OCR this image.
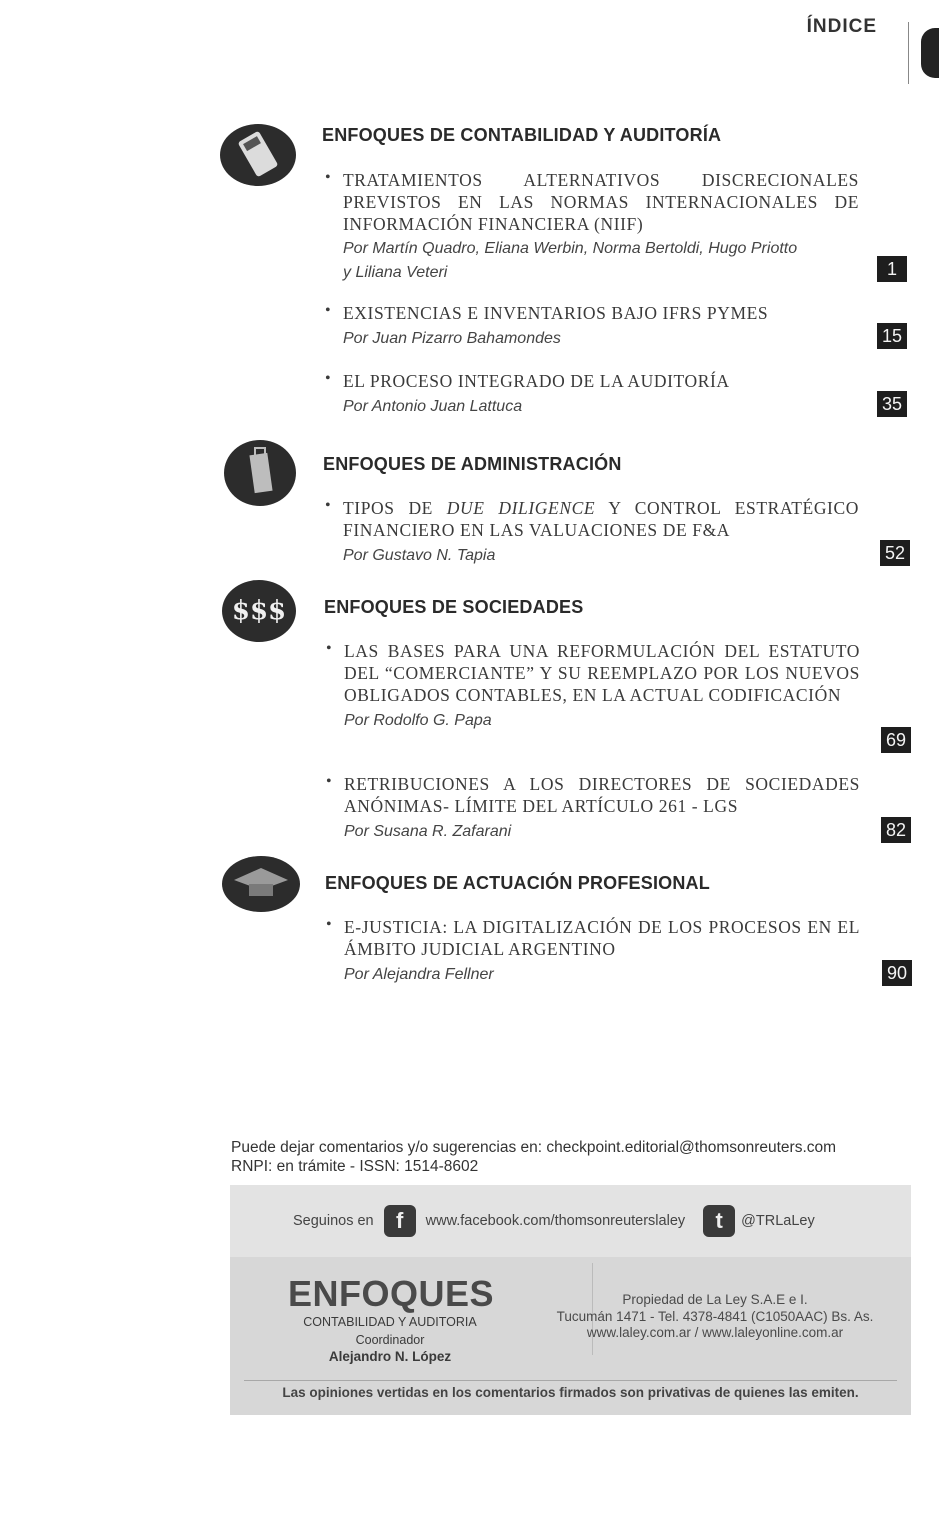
ÍNDICE
ENFOQUES DE CONTABILIDAD Y AUDITORÍA
• TRATAMIENTOS ALTERNATIVOS DISCRECIONALES PREVISTOS EN LAS NORMAS INTERNACIONALES DE INFORMACIÓN FINANCIERA (NIIF)
Por Martín Quadro, Eliana Werbin, Norma Bertoldi, Hugo Priotto
y Liliana Veteri	1
• EXISTENCIAS E INVENTARIOS BAJO IFRS PYMES
Por Juan Pizarro Bahamondes	15
• EL PROCESO INTEGRADO DE LA AUDITORÍA
Por Antonio Juan Lattuca	35
ENFOQUES DE ADMINISTRACIÓN
• TIPOS DE DUE DILIGENCE Y CONTROL ESTRATÉGICO FINANCIERO EN LAS VALUACIONES DE F&A
Por Gustavo N. Tapia	52
$$$	ENFOQUES DE SOCIEDADES
• LAS BASES PARA UNA REFORMULACIÓN DEL ESTATUTO DEL “COMERCIANTE” Y SU REEMPLAZO POR LOS NUEVOS OBLIGADOS CONTABLES, EN LA ACTUAL CODIFICACIÓN
Por Rodolfo G. Papa
69
• RETRIBUCIONES A LOS DIRECTORES DE SOCIEDADES ANÓNIMAS- LÍMITE DEL ARTÍCULO 261 - LGS
Por Susana R. Zafarani	82
ENFOQUES DE ACTUACIÓN PROFESIONAL
• E-JUSTICIA: LA DIGITALIZACIÓN DE LOS PROCESOS EN EL ÁMBITO JUDICIAL ARGENTINO
Por Alejandra Fellner	90
Puede dejar comentarios y/o sugerencias en: checkpoint.editorial@thomsonreuters.com
RNPI: en trámite - ISSN: 1514-8602
Seguinos en	f	www.facebook.com/thomsonreuterslaley	t	@TRLaLey
ENFOQUES
CONTABILIDAD Y AUDITORIA
Coordinador
Alejandro N. López
Propiedad de La Ley S.A.E e I.
Tucumán 1471 - Tel. 4378-4841 (C1050AAC) Bs. As.
www.laley.com.ar / www.laleyonline.com.ar
Las opiniones vertidas en los comentarios firmados son privativas de quienes las emiten.
